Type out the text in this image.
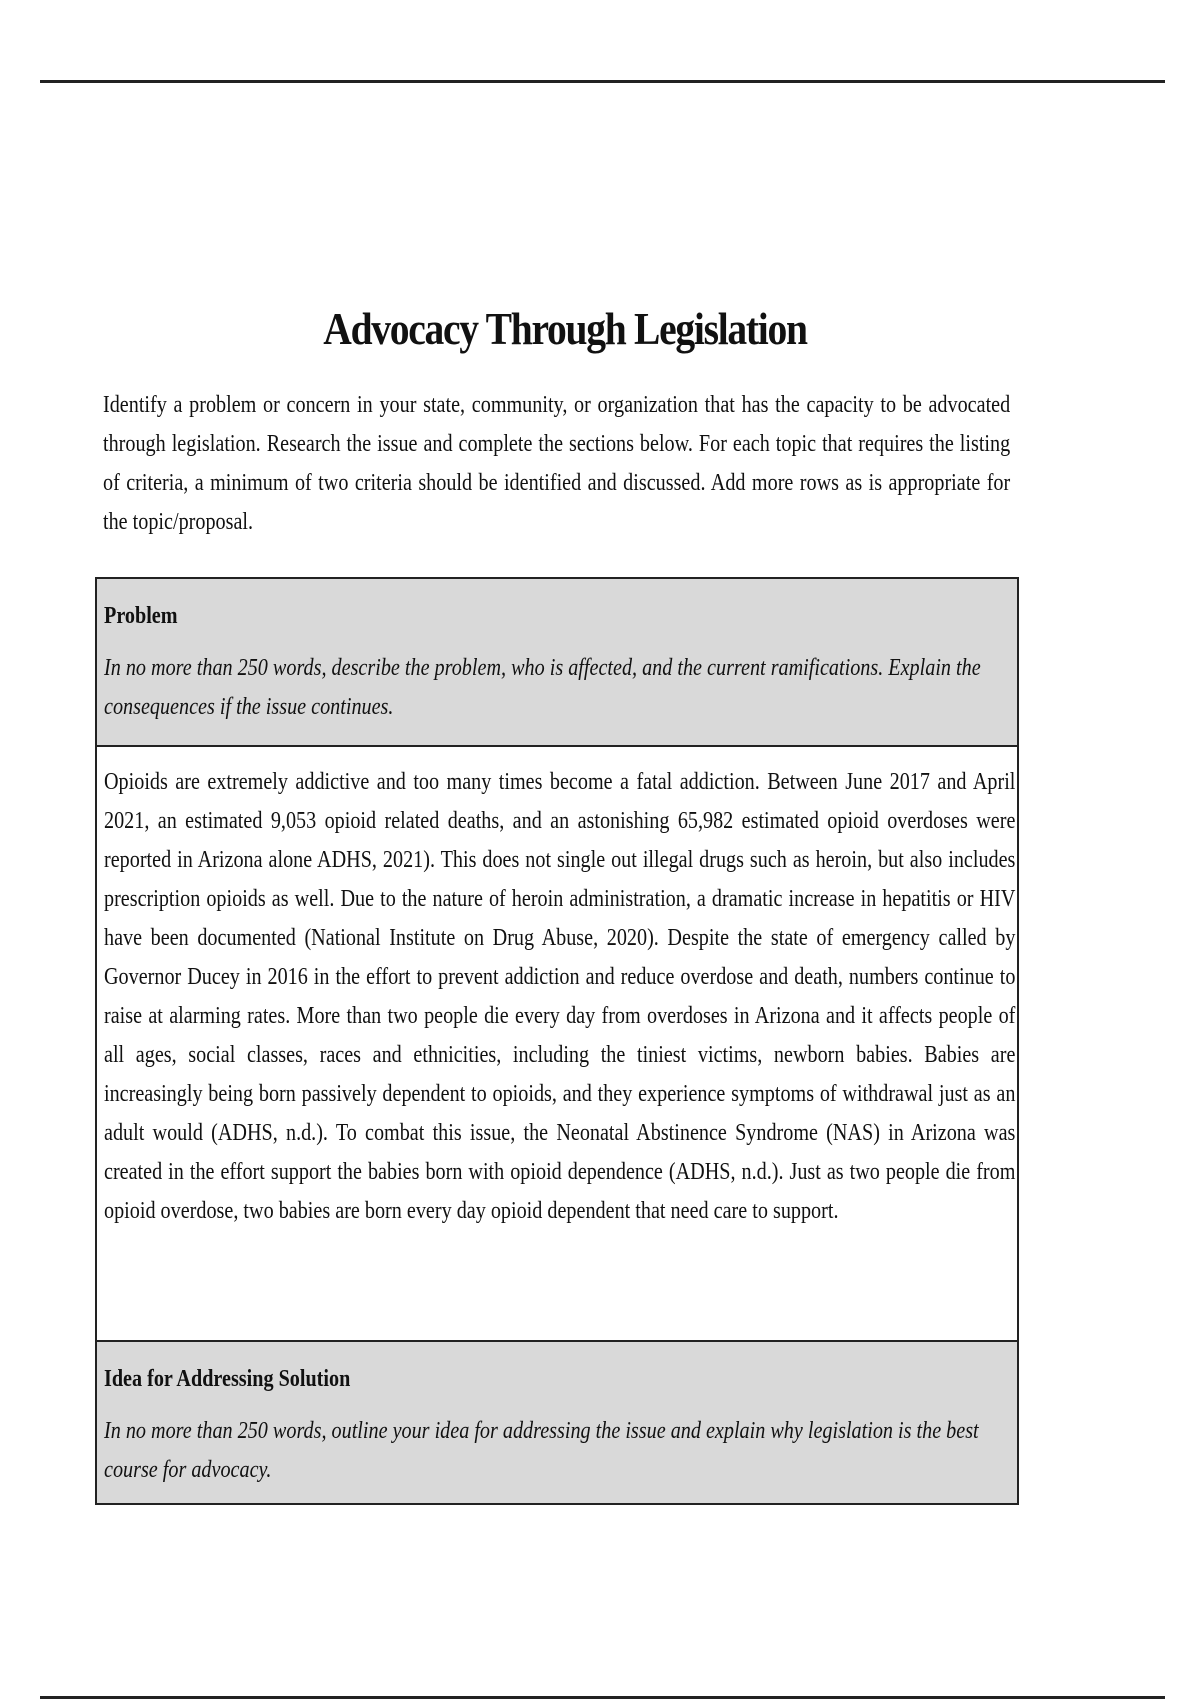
Advocacy Through Legislation

Identify a problem or concern in your state, community, or organization that has the capacity to be advocated through legislation. Research the issue and complete the sections below. For each topic that requires the listing of criteria, a minimum of two criteria should be identified and discussed. Add more rows as is appropriate for the topic/proposal.

Problem

In no more than 250 words, describe the problem, who is affected, and the current ramifications. Explain the consequences if the issue continues.

Opioids are extremely addictive and too many times become a fatal addiction. Between June 2017 and April 2021, an estimated 9,053 opioid related deaths, and an astonishing 65,982 estimated opioid overdoses were reported in Arizona alone ADHS, 2021). This does not single out illegal drugs such as heroin, but also includes prescription opioids as well. Due to the nature of heroin administration, a dramatic increase in hepatitis or HIV have been documented (National Institute on Drug Abuse, 2020). Despite the state of emergency called by Governor Ducey in 2016 in the effort to prevent addiction and reduce overdose and death, numbers continue to raise at alarming rates. More than two people die every day from overdoses in Arizona and it affects people of all ages, social classes, races and ethnicities, including the tiniest victims, newborn babies. Babies are increasingly being born passively dependent to opioids, and they experience symptoms of withdrawal just as an adult would (ADHS, n.d.). To combat this issue, the Neonatal Abstinence Syndrome (NAS) in Arizona was created in the effort support the babies born with opioid dependence (ADHS, n.d.). Just as two people die from opioid overdose, two babies are born every day opioid dependent that need care to support.

Idea for Addressing Solution

In no more than 250 words, outline your idea for addressing the issue and explain why legislation is the best course for advocacy.
